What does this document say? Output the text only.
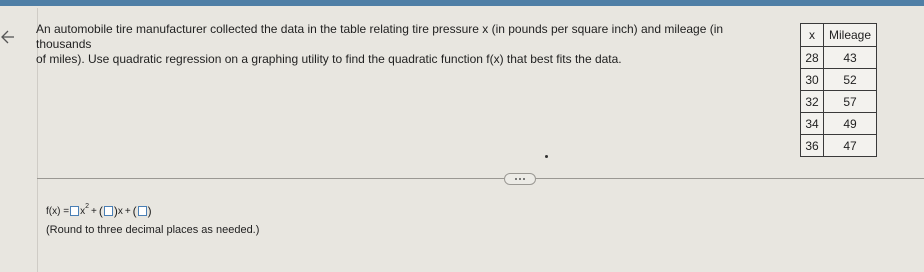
An automobile tire manufacturer collected the data in the table relating tire pressure x (in pounds per square inch) and mileage (in thousands
of miles). Use quadratic regression on a graphing utility to find the quadratic function f(x) that best fits the data.
x	Mileage
28	43
30	52
32	57
34	49
36	47
f(x) = x 2 + ( ) x + ( )
(Round to three decimal places as needed.)
